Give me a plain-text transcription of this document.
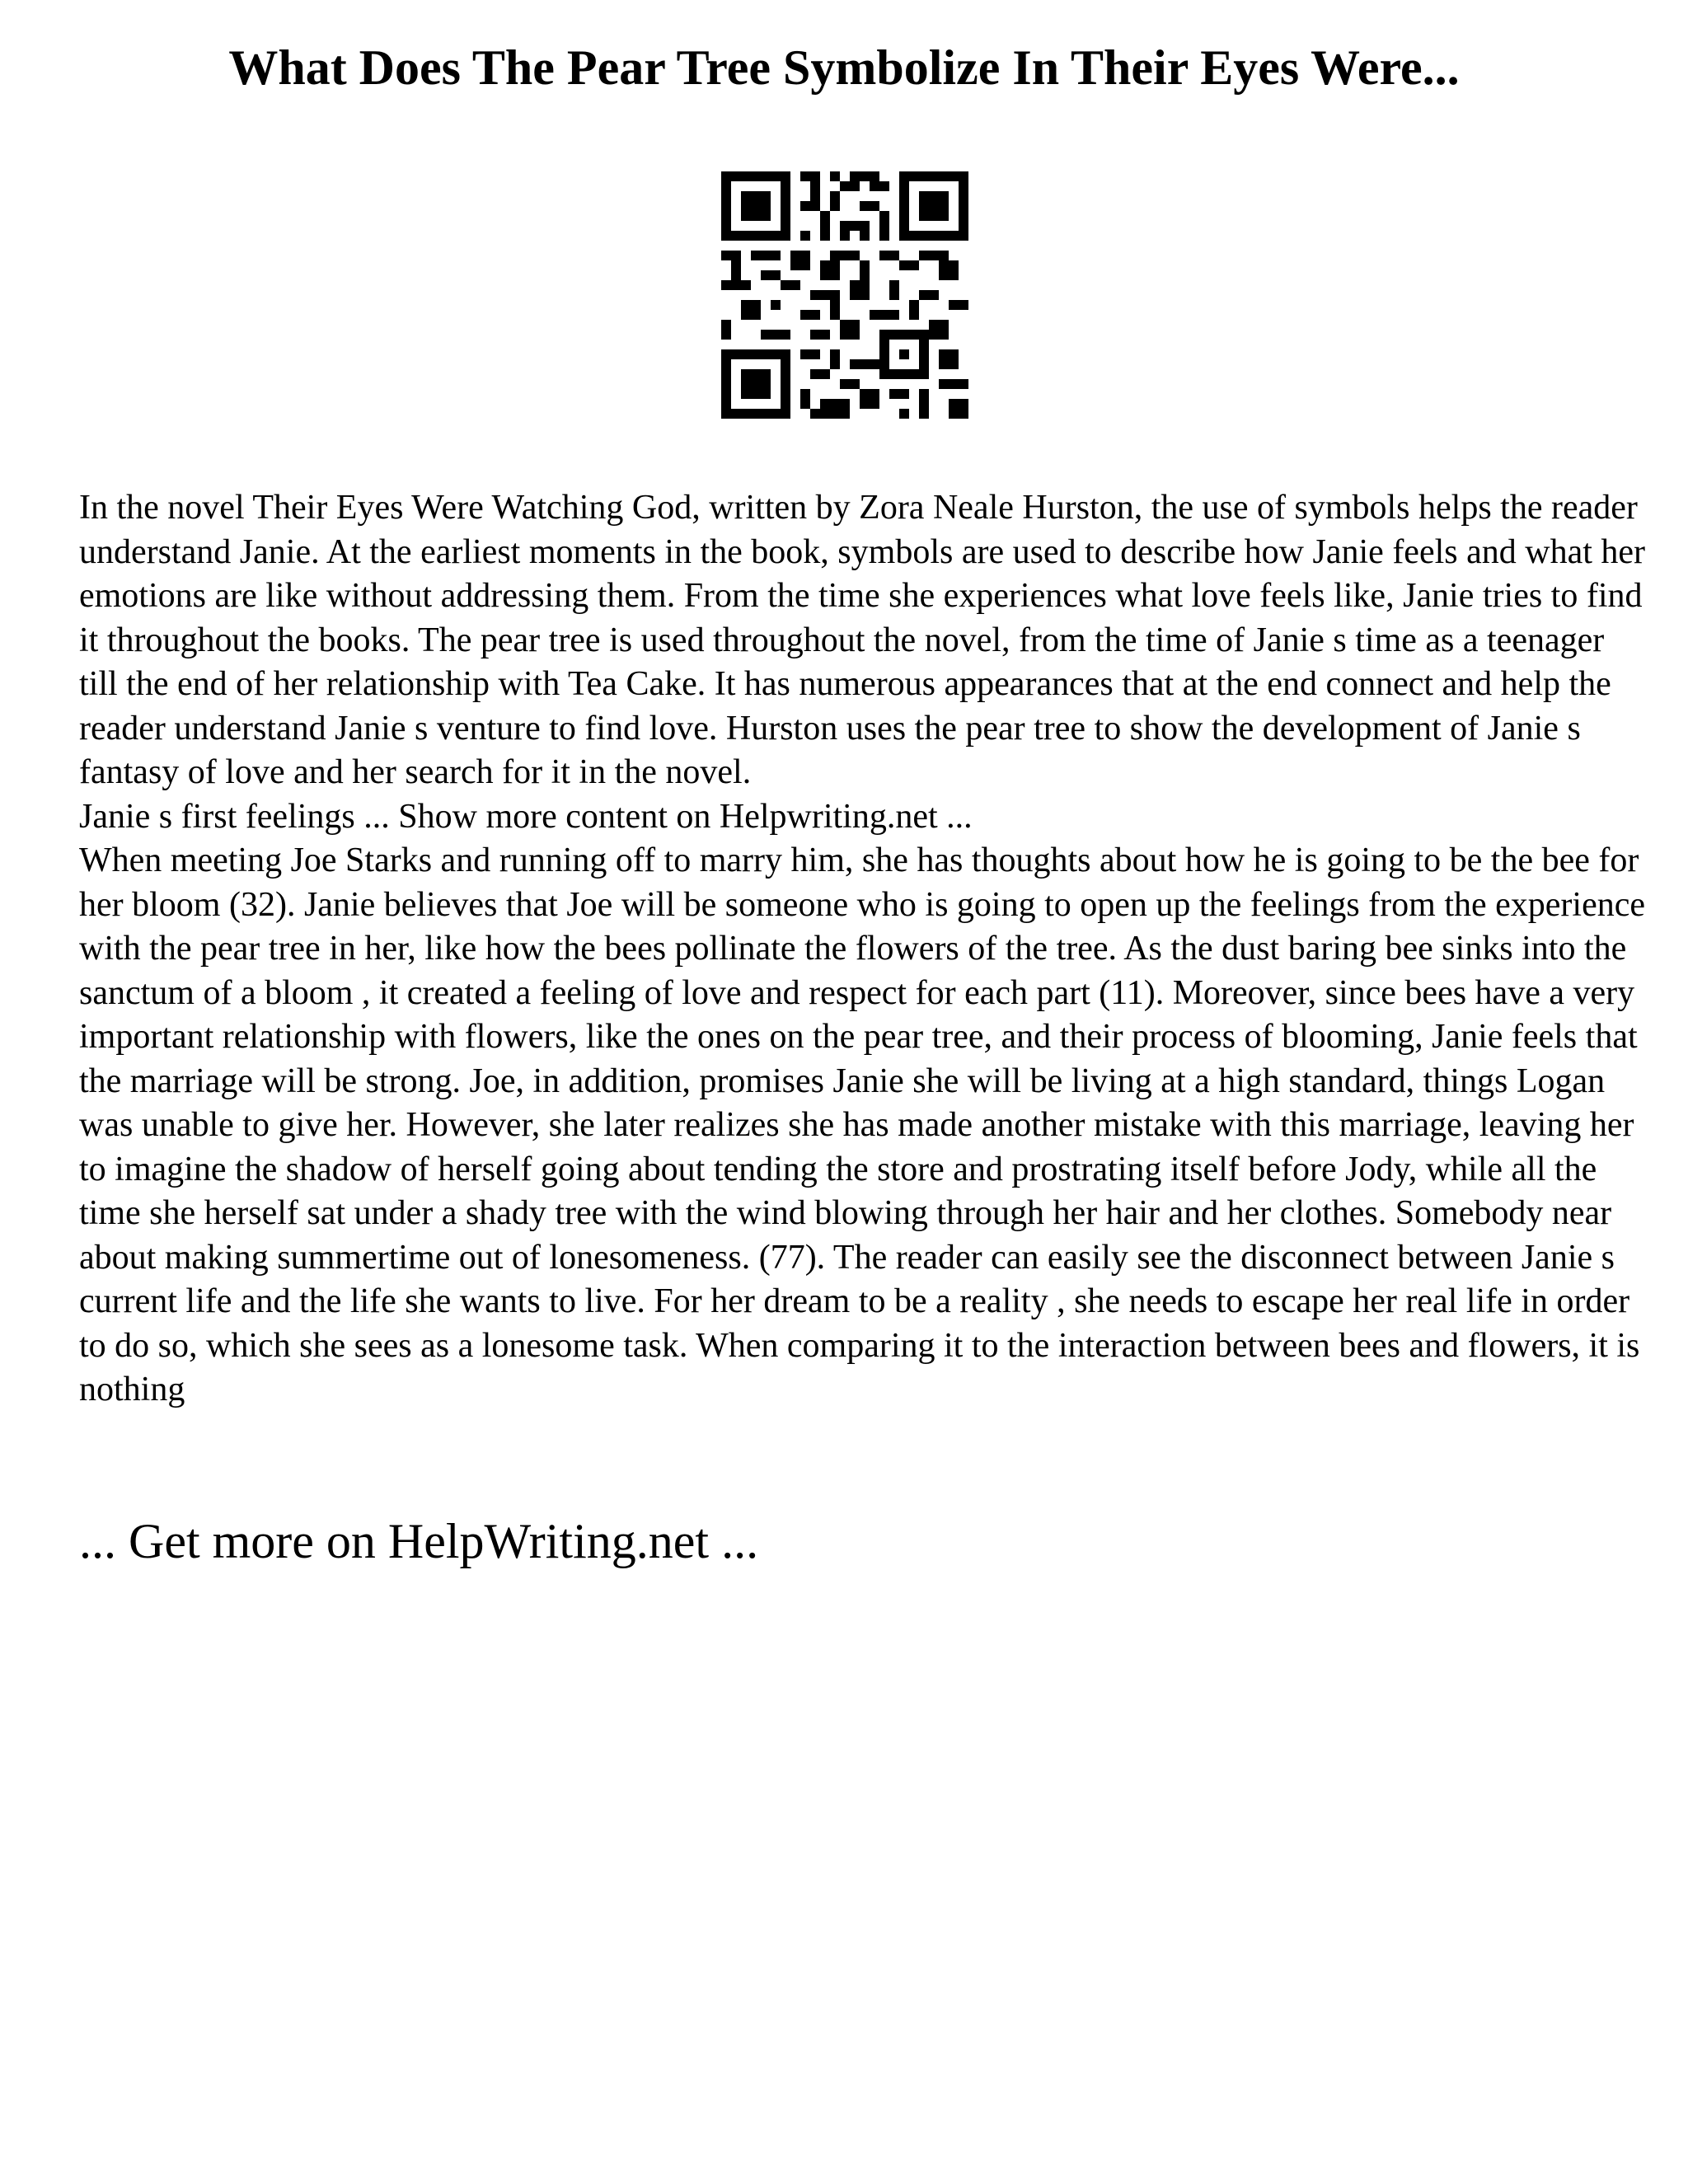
What Does The Pear Tree Symbolize In Their Eyes Were...

In the novel Their Eyes Were Watching God, written by Zora Neale Hurston, the use of symbols helps the reader understand Janie. At the earliest moments in the book, symbols are used to describe how Janie feels and what her emotions are like without addressing them. From the time she experiences what love feels like, Janie tries to find it throughout the books. The pear tree is used throughout the novel, from the time of Janie s time as a teenager till the end of her relationship with Tea Cake. It has numerous appearances that at the end connect and help the reader understand Janie s venture to find love. Hurston uses the pear tree to show the development of Janie s fantasy of love and her search for it in the novel.

Janie s first feelings ... Show more content on Helpwriting.net ...

When meeting Joe Starks and running off to marry him, she has thoughts about how he is going to be the bee for her bloom (32). Janie believes that Joe will be someone who is going to open up the feelings from the experience with the pear tree in her, like how the bees pollinate the flowers of the tree. As the dust baring bee sinks into the sanctum of a bloom , it created a feeling of love and respect for each part (11). Moreover, since bees have a very important relationship with flowers, like the ones on the pear tree, and their process of blooming, Janie feels that the marriage will be strong. Joe, in addition, promises Janie she will be living at a high standard, things Logan was unable to give her. However, she later realizes she has made another mistake with this marriage, leaving her to imagine the shadow of herself going about tending the store and prostrating itself before Jody, while all the time she herself sat under a shady tree with the wind blowing through her hair and her clothes. Somebody near about making summertime out of lonesomeness. (77). The reader can easily see the disconnect between Janie s current life and the life she wants to live. For her dream to be a reality , she needs to escape her real life in order to do so, which she sees as a lonesome task. When comparing it to the interaction between bees and flowers, it is nothing

... Get more on HelpWriting.net ...
